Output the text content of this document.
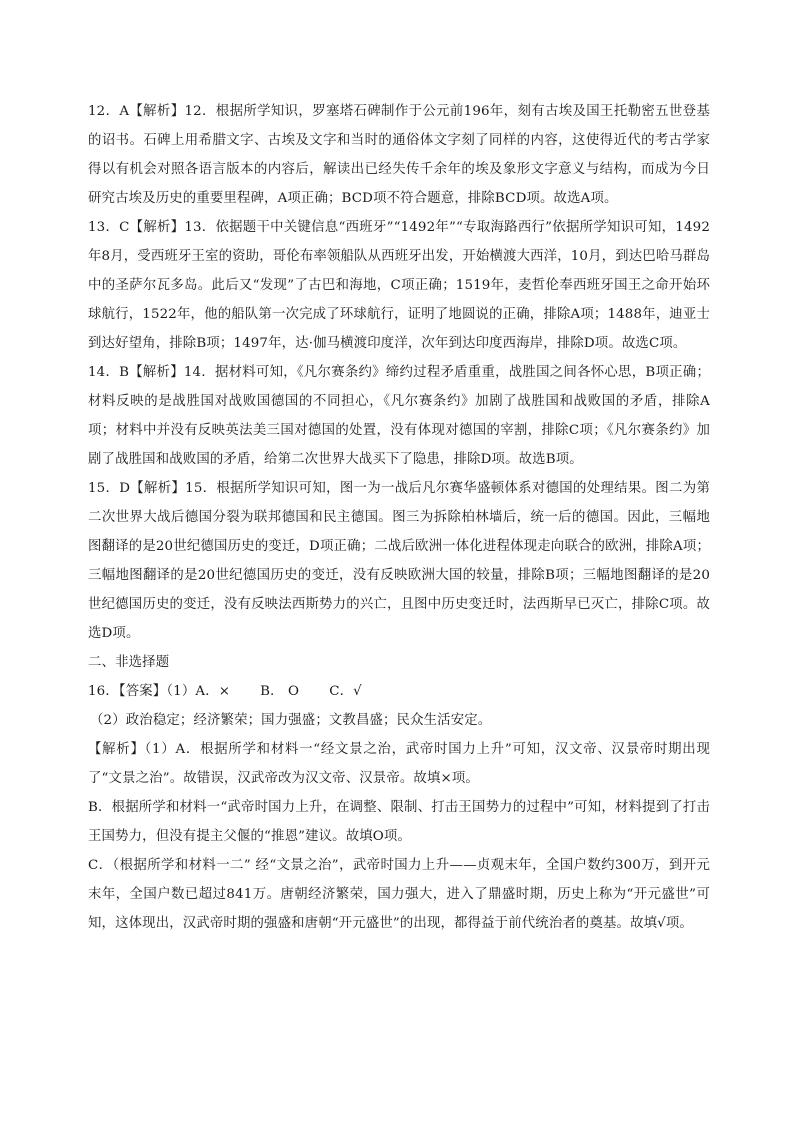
12．A【解析】12．根据所学知识，罗塞塔石碑制作于公元前196年，刻有古埃及国王托勒密五世登基的诏书。石碑上用希腊文字、古埃及文字和当时的通俗体文字刻了同样的内容，这使得近代的考古学家得以有机会对照各语言版本的内容后，解读出已经失传千余年的埃及象形文字意义与结构，而成为今日研究古埃及历史的重要里程碑，A项正确；BCD项不符合题意，排除BCD项。故选A项。

13．C【解析】13．依据题干中关键信息“西班牙”“1492年”“专取海路西行”依据所学知识可知，1492年8月，受西班牙王室的资助，哥伦布率领船队从西班牙出发，开始横渡大西洋，10月，到达巴哈马群岛中的圣萨尔瓦多岛。此后又“发现”了古巴和海地，C项正确；1519年，麦哲伦奉西班牙国王之命开始环球航行，1522年，他的船队第一次完成了环球航行，证明了地圆说的正确，排除A项；1488年，迪亚士到达好望角，排除B项；1497年，达·伽马横渡印度洋，次年到达印度西海岸，排除D项。故选C项。

14．B【解析】14．据材料可知，《凡尔赛条约》缔约过程矛盾重重，战胜国之间各怀心思，B项正确；材料反映的是战胜国对战败国德国的不同担心，《凡尔赛条约》加剧了战胜国和战败国的矛盾，排除A项；材料中并没有反映英法美三国对德国的处置，没有体现对德国的宰割，排除C项；《凡尔赛条约》加剧了战胜国和战败国的矛盾，给第二次世界大战买下了隐患，排除D项。故选B项。

15．D【解析】15．根据所学知识可知，图一为一战后凡尔赛华盛顿体系对德国的处理结果。图二为第二次世界大战后德国分裂为联邦德国和民主德国。图三为拆除柏林墙后，统一后的德国。因此，三幅地图翻译的是20世纪德国历史的变迁，D项正确；二战后欧洲一体化进程体现走向联合的欧洲，排除A项；三幅地图翻译的是20世纪德国历史的变迁，没有反映欧洲大国的较量，排除B项；三幅地图翻译的是20世纪德国历史的变迁，没有反映法西斯势力的兴亡，且图中历史变迁时，法西斯早已灭亡，排除C项。故选D项。

二、非选择题

16．【答案】（1）A．× B． O C．√

（2）政治稳定；经济繁荣；国力强盛；文教昌盛；民众生活安定。

【解析】（1）A．根据所学和材料一“经文景之治，武帝时国力上升”可知，汉文帝、汉景帝时期出现了“文景之治”。故错误，汉武帝改为汉文帝、汉景帝。故填×项。

B．根据所学和材料一“武帝时国力上升，在调整、限制、打击王国势力的过程中”可知，材料提到了打击王国势力，但没有提主父偃的“推恩”建议。故填O项。

C．（根据所学和材料一二” 经“文景之治”，武帝时国力上升——贞观末年，全国户数约300万，到开元末年，全国户数已超过841万。唐朝经济繁荣，国力强大，进入了鼎盛时期，历史上称为“开元盛世”可知，这体现出，汉武帝时期的强盛和唐朝“开元盛世”的出现，都得益于前代统治者的奠基。故填√项。
